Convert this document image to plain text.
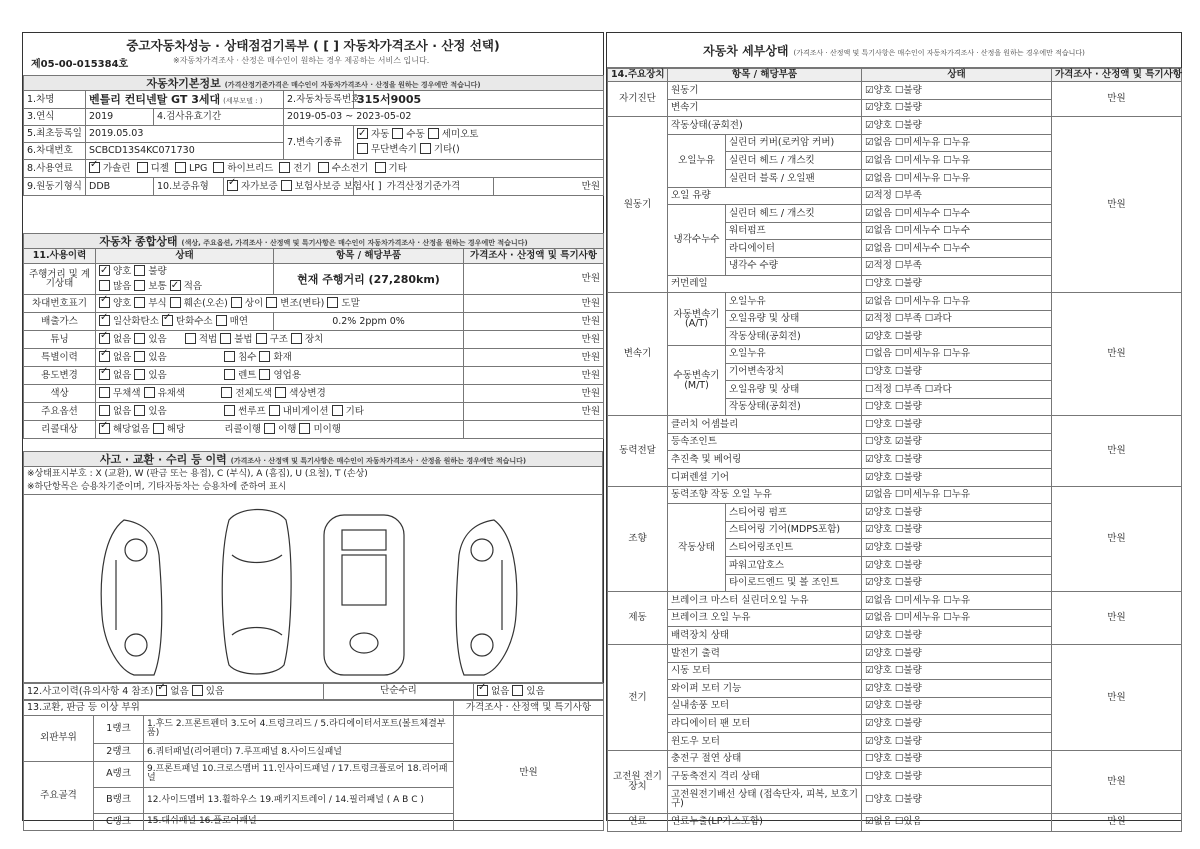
중고자동차성능 · 상태점검기록부 ( [ ] 자동차가격조사 · 산정 선택)
제05-00-015384호	※자동차가격조사 · 산정은 매수인이 원하는 경우 제공하는 서비스 입니다.
자동차기본정보 (가격산정기준가격은 매수인이 자동차가격조사 · 산정을 원하는 경우에만 적습니다)						
1.차명	벤틀리 컨티넨탈 GT 3세대 (세부모델 : )			2.자동차등록번호	315서9005	
3.연식	2019	4.검사유효기간		2019-05-03 ~ 2023-05-02		
5.최초등록일	2019.05.03			7.변속기종류	✓자동 수동 세미오토
무단변속기 기타()
6.차대번호	SCBCD13S4KC071730					
8.사용연료	✓가솔린 디젤 LPG 하이브리드 전기 수소전기 기타
9.원동기형식	DDB	10.보증유형	✓자가보증 보험사보증 보험사[ ]		가격산정기준가격	만원
자동차 종합상태 (색상, 주요옵션, 가격조사 · 산정액 및 특기사항은 매수인이 자동차가격조사 · 산정을 원하는 경우에만 적습니다)			
11.사용이력	상태	항목 / 해당부품	가격조사 · 산정액 및 특기사항
주행거리 및 계기상태	✓양호 불량
많음 보통 ✓적음	현재 주행거리 (27,280km)	만원
차대번호표기	✓양호 부식 훼손(오손) 상이 변조(변타) 도말		만원
배출가스	✓일산화탄소 ✓탄화수소 매연	0.2% 2ppm 0%	만원
튜닝	✓없음 있음      적법 불법 구조 장치		만원
특별이력	✓없음 있음                   침수 화재		만원
용도변경	✓없음 있음                   렌트 영업용		만원
색상	무채색 유채색            전체도색 색상변경		만원
주요옵션	없음 있음                   썬루프 내비게이션 기타		만원
리콜대상	✓해당없음 해당             리콜이행 이행 미이행	
사고 · 교환 · 수리 등 이력 (가격조사 · 산정액 및 특기사항은 매수인이 자동차가격조사 · 산정을 원하는 경우에만 적습니다)

※상태표시부호 : X (교환), W (판금 또는 용접), C (부식), A (흠집), U (요철), T (손상)
※하단항목은 승용차기준이며, 기타자동차는 승용차에 준하여 표시

12.사고이력(유의사항 4 참조) ✓ 없음 있음	단순수리	✓없음 있음
13.교환, 판금 등 이상 부위			가격조사 · 산정액 및 특기사항
외판부위	1랭크	1.후드 2.프론트펜더 3.도어 4.트렁크리드 / 5.라디에이터서포트(볼트체결부품)	만원
	2랭크	6.쿼터패널(리어펜더) 7.루프패널 8.사이드실패널	
주요골격	A랭크	9.프론트패널 10.크로스멤버 11.인사이드패널 / 17.트렁크플로어 18.리어패널	
	B랭크	12.사이드멤버 13.휠하우스 19.패키지트레이 / 14.필러패널 ( A B C )	
	C랭크	15.대쉬패널 16.플로어패널	
자동차 세부상태 (가격조사 · 산정액 및 특기사항은 매수인이 자동차가격조사 · 산정을 원하는 경우에만 적습니다)
14.주요장치	항목 / 해당부품		상태	가격조사 · 산정액 및 특기사항
자기진단	원동기		☑양호 ☐불량	만원
	변속기		☑양호 ☐불량	
원동기	작동상태(공회전)		☑양호 ☐불량	만원
	오일누유	실린더 커버(로커암 커버)	☑없음 ☐미세누유 ☐누유	
		실린더 헤드 / 개스킷	☑없음 ☐미세누유 ☐누유	
		실린더 블록 / 오일팬	☑없음 ☐미세누유 ☐누유	
	오일 유량		☑적정 ☐부족	
	냉각수누수	실린더 헤드 / 개스킷	☑없음 ☐미세누수 ☐누수	
		워터펌프	☑없음 ☐미세누수 ☐누수	
		라디에이터	☑없음 ☐미세누수 ☐누수	
		냉각수 수량	☑적정 ☐부족	
	커먼레일		☐양호 ☐불량	
변속기	자동변속기(A/T)	오일누유	☑없음 ☐미세누유 ☐누유	만원
		오일유량 및 상태	☑적정 ☐부족 ☐과다	
		작동상태(공회전)	☑양호 ☐불량	
	수동변속기(M/T)	오일누유	☐없음 ☐미세누유 ☐누유	
		기어변속장치	☐양호 ☐불량	
		오일유량 및 상태	☐적정 ☐부족 ☐과다	
		작동상태(공회전)	☐양호 ☐불량	
동력전달	클러치 어셈블리		☐양호 ☐불량	만원
	등속조인트		☐양호 ☑불량	
	추진축 및 베어링		☑양호 ☐불량	
	디퍼렌셜 기어		☑양호 ☐불량	
조향	동력조향 작동 오일 누유		☑없음 ☐미세누유 ☐누유	만원
	작동상태	스티어링 펌프	☑양호 ☐불량	
		스티어링 기어(MDPS포함)	☑양호 ☐불량	
		스티어링조인트	☑양호 ☐불량	
		파워고압호스	☑양호 ☐불량	
		타이로드엔드 및 볼 조인트	☑양호 ☐불량	
제동	브레이크 마스터 실린더오일 누유		☑없음 ☐미세누유 ☐누유	만원
	브레이크 오일 누유		☑없음 ☐미세누유 ☐누유	
	배력장치 상태		☑양호 ☐불량	
전기	발전기 출력		☑양호 ☐불량	만원
	시동 모터		☑양호 ☐불량	
	와이퍼 모터 기능		☑양호 ☐불량	
	실내송풍 모터		☑양호 ☐불량	
	라디에이터 팬 모터		☑양호 ☐불량	
	윈도우 모터		☑양호 ☐불량	
고전원 전기장치	충전구 절연 상태		☐양호 ☐불량	만원
	구동축전지 격리 상태		☐양호 ☐불량	
	고전원전기배선 상태 (접속단자, 피복, 보호기구)		☐양호 ☐불량	
연료	연료누출(LP가스포함)		☑없음 ☐있음	만원
